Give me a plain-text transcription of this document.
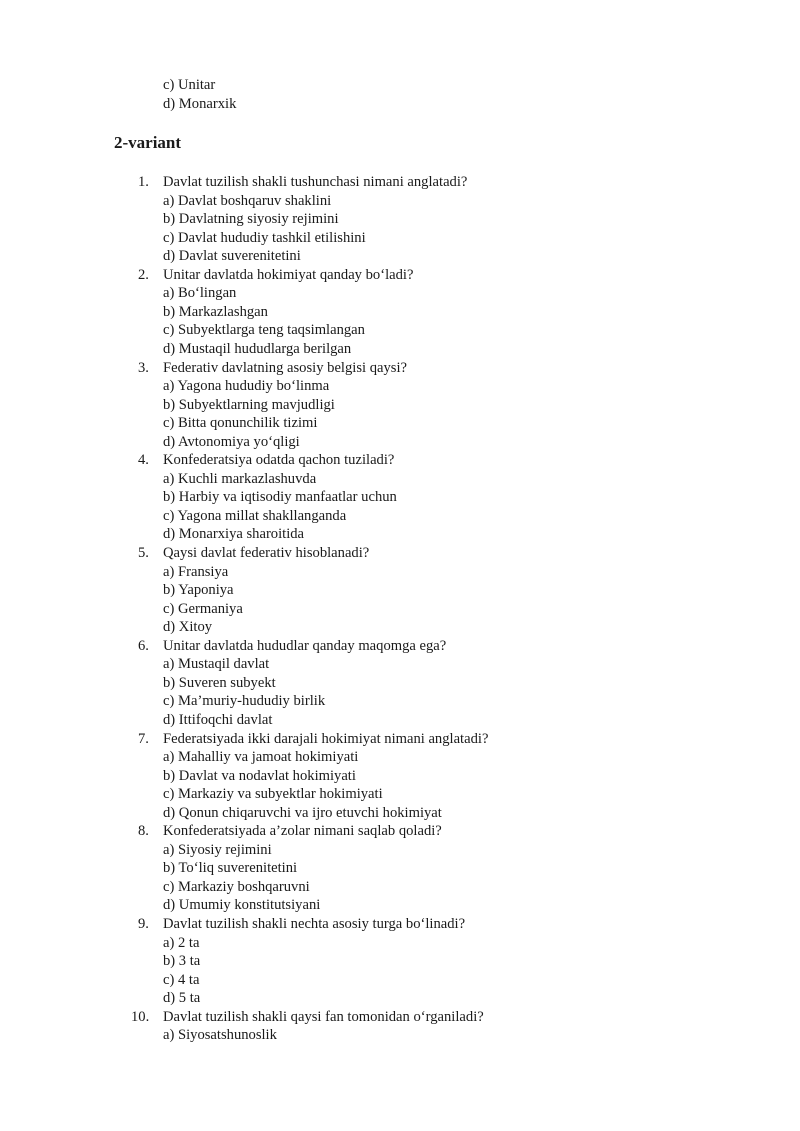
c) Unitar
d) Monarxik
2-variant
1. Davlat tuzilish shakli tushunchasi nimani anglatadi?
a) Davlat boshqaruv shaklini
b) Davlatning siyosiy rejimini
c) Davlat hududiy tashkil etilishini
d) Davlat suverenitetini
2. Unitar davlatda hokimiyat qanday bo‘ladi?
a) Bo‘lingan
b) Markazlashgan
c) Subyektlarga teng taqsimlangan
d) Mustaqil hududlarga berilgan
3. Federativ davlatning asosiy belgisi qaysi?
a) Yagona hududiy bo‘linma
b) Subyektlarning mavjudligi
c) Bitta qonunchilik tizimi
d) Avtonomiya yo‘qligi
4. Konfederatsiya odatda qachon tuziladi?
a) Kuchli markazlashuvda
b) Harbiy va iqtisodiy manfaatlar uchun
c) Yagona millat shakllanganda
d) Monarxiya sharoitida
5. Qaysi davlat federativ hisoblanadi?
a) Fransiya
b) Yaponiya
c) Germaniya
d) Xitoy
6. Unitar davlatda hududlar qanday maqomga ega?
a) Mustaqil davlat
b) Suveren subyekt
c) Ma’muriy-hududiy birlik
d) Ittifoqchi davlat
7. Federatsiyada ikki darajali hokimiyat nimani anglatadi?
a) Mahalliy va jamoat hokimiyati
b) Davlat va nodavlat hokimiyati
c) Markaziy va subyektlar hokimiyati
d) Qonun chiqaruvchi va ijro etuvchi hokimiyat
8. Konfederatsiyada a’zolar nimani saqlab qoladi?
a) Siyosiy rejimini
b) To‘liq suverenitetini
c) Markaziy boshqaruvni
d) Umumiy konstitutsiyani
9. Davlat tuzilish shakli nechta asosiy turga bo‘linadi?
a) 2 ta
b) 3 ta
c) 4 ta
d) 5 ta
10. Davlat tuzilish shakli qaysi fan tomonidan o‘rganiladi?
a) Siyosatshunoslik
